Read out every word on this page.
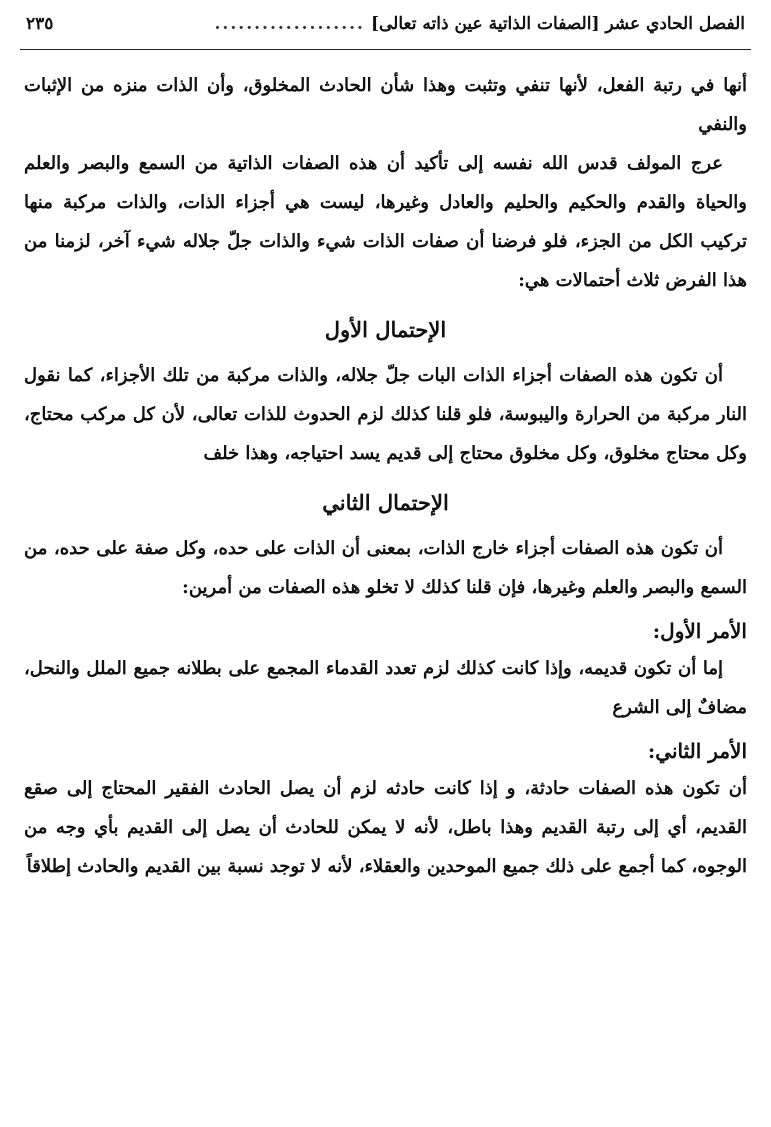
الفصل الحادي عشر [الصفات الذاتية عين ذاته تعالى]
...................
٢٣٥

أنها في رتبة الفعل، لأنها تنفي وتثبت وهذا شأن الحادث المخلوق، وأن الذات منزه من الإثبات والنفي

عرج المولف قدس الله نفسه إلى تأكيد أن هذه الصفات الذاتية من السمع والبصر والعلم والحياة والقدم والحكيم والحليم والعادل وغيرها، ليست هي أجزاء الذات، والذات مركبة منها تركيب الكل من الجزء، فلو فرضنا أن صفات الذات شيء والذات جلّ جلاله شيء آخر، لزمنا من هذا الفرض ثلاث أحتمالات هي:

الإحتمال الأول

أن تكون هذه الصفات أجزاء الذات البات جلّ جلاله، والذات مركبة من تلك الأجزاء، كما نقول النار مركبة من الحرارة واليبوسة، فلو قلنا كذلك لزم الحدوث للذات تعالى، لأن كل مركب محتاج، وكل محتاج مخلوق، وكل مخلوق محتاج إلى قديم يسد احتياجه، وهذا خلف

الإحتمال الثاني

أن تكون هذه الصفات أجزاء خارج الذات، بمعنى أن الذات على حده، وكل صفة على حده، من السمع والبصر والعلم وغيرها، فإن قلنا كذلك لا تخلو هذه الصفات من أمرين:

الأمر الأول:

إما أن تكون قديمه، وإذا كانت كذلك لزم تعدد القدماء المجمع على بطلانه جميع الملل والنحل، مضافٌ إلى الشرع

الأمر الثاني:

أن تكون هذه الصفات حادثة، و إذا كانت حادثه لزم أن يصل الحادث الفقير المحتاج إلى صقع القديم، أي إلى رتبة القديم وهذا باطل، لأنه لا يمكن للحادث أن يصل إلى القديم بأي وجه من الوجوه، كما أجمع على ذلك جميع الموحدين والعقلاء، لأنه لا توجد نسبة بين القديم والحادث إطلاقاً
